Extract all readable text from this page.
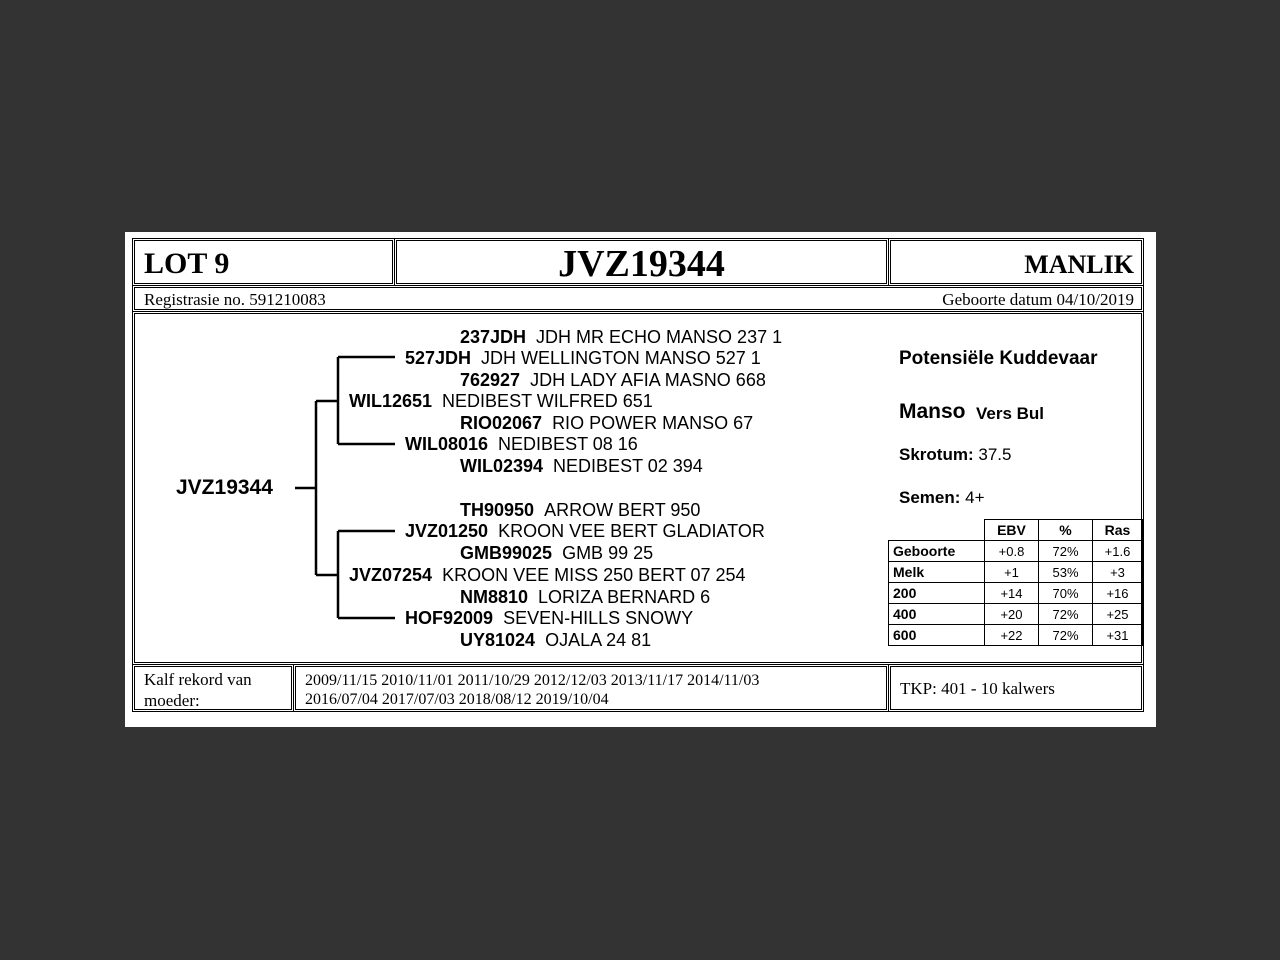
LOT 9	JVZ19344	MANLIK
Registrasie no. 591210083	Geboorte datum 04/10/2019
JVZ19344
237JDH JDH MR ECHO MANSO 237 1
527JDH JDH WELLINGTON MANSO 527 1
762927 JDH LADY AFIA MASNO 668
WIL12651 NEDIBEST WILFRED 651
RIO02067 RIO POWER MANSO 67
WIL08016 NEDIBEST 08 16
WIL02394 NEDIBEST 02 394
TH90950 ARROW BERT 950
JVZ01250 KROON VEE BERT GLADIATOR
GMB99025 GMB 99 25
JVZ07254 KROON VEE MISS 250 BERT 07 254
NM8810 LORIZA BERNARD 6
HOF92009 SEVEN-HILLS SNOWY
UY81024 OJALA 24 81
Potensiële Kuddevaar
Manso Vers Bul
Skrotum: 37.5
Semen: 4+
	EBV	%	Ras
Geboorte	+0.8	72%	+1.6
Melk	+1	53%	+3
200	+14	70%	+16
400	+20	72%	+25
600	+22	72%	+31
Kalf rekord van
moeder:
2009/11/15 2010/11/01 2011/10/29 2012/12/03 2013/11/17 2014/11/03
2016/07/04 2017/07/03 2018/08/12 2019/10/04
TKP: 401 - 10 kalwers
